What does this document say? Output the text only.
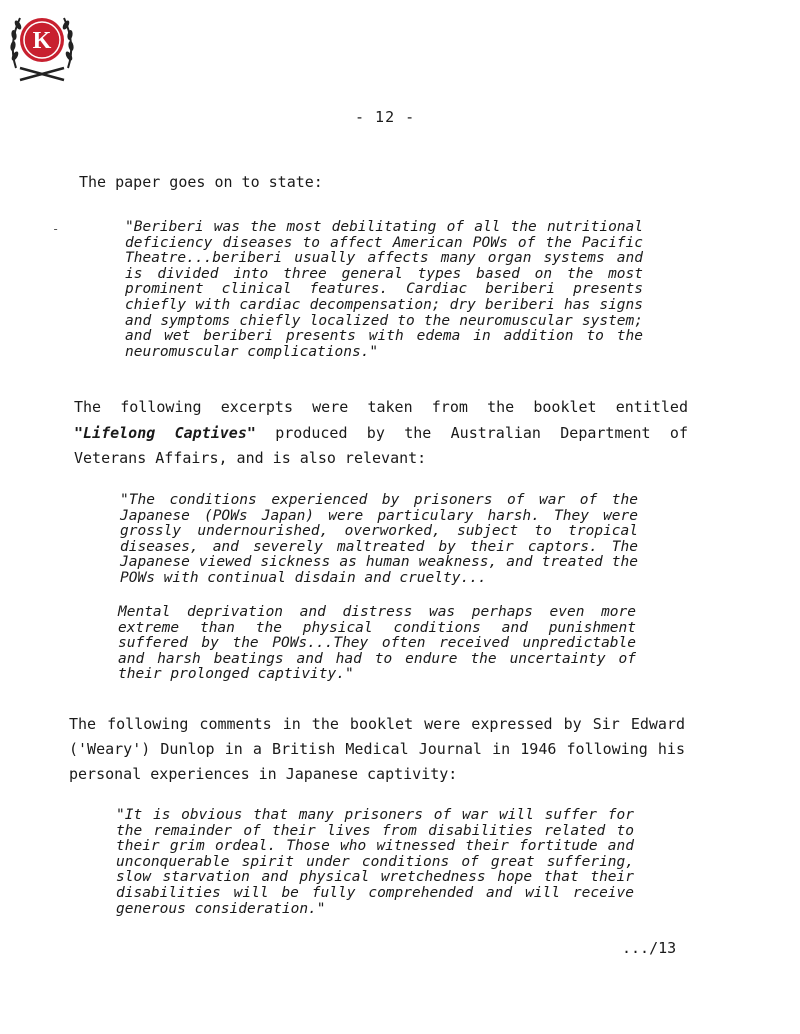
K
- 12 -
-

The paper goes on to state:

"Beriberi was the most debilitating of all the nutritional deficiency diseases to affect American POWs of the Pacific Theatre...beriberi usually affects many organ systems and is divided into three general types based on the most prominent clinical features. Cardiac beriberi presents chiefly with cardiac decompensation; dry beriberi has signs and symptoms chiefly localized to the neuromuscular system; and wet beriberi presents with edema in addition to the neuromuscular complications."

The following excerpts were taken from the booklet entitled "Lifelong Captives" produced by the Australian Department of Veterans Affairs, and is also relevant:

"The conditions experienced by prisoners of war of the Japanese (POWs Japan) were particulary harsh. They were grossly undernourished, overworked, subject to tropical diseases, and severely maltreated by their captors. The Japanese viewed sickness as human weakness, and treated the POWs with continual disdain and cruelty...

Mental deprivation and distress was perhaps even more extreme than the physical conditions and punishment suffered by the POWs...They often received unpredictable and harsh beatings and had to endure the uncertainty of their prolonged captivity."

The following comments in the booklet were expressed by Sir Edward ('Weary') Dunlop in a British Medical Journal in 1946 following his personal experiences in Japanese captivity:

"It is obvious that many prisoners of war will suffer for the remainder of their lives from disabilities related to their grim ordeal. Those who witnessed their fortitude and unconquerable spirit under conditions of great suffering, slow starvation and physical wretchedness hope that their disabilities will be fully comprehended and will receive generous consideration."

.../13
